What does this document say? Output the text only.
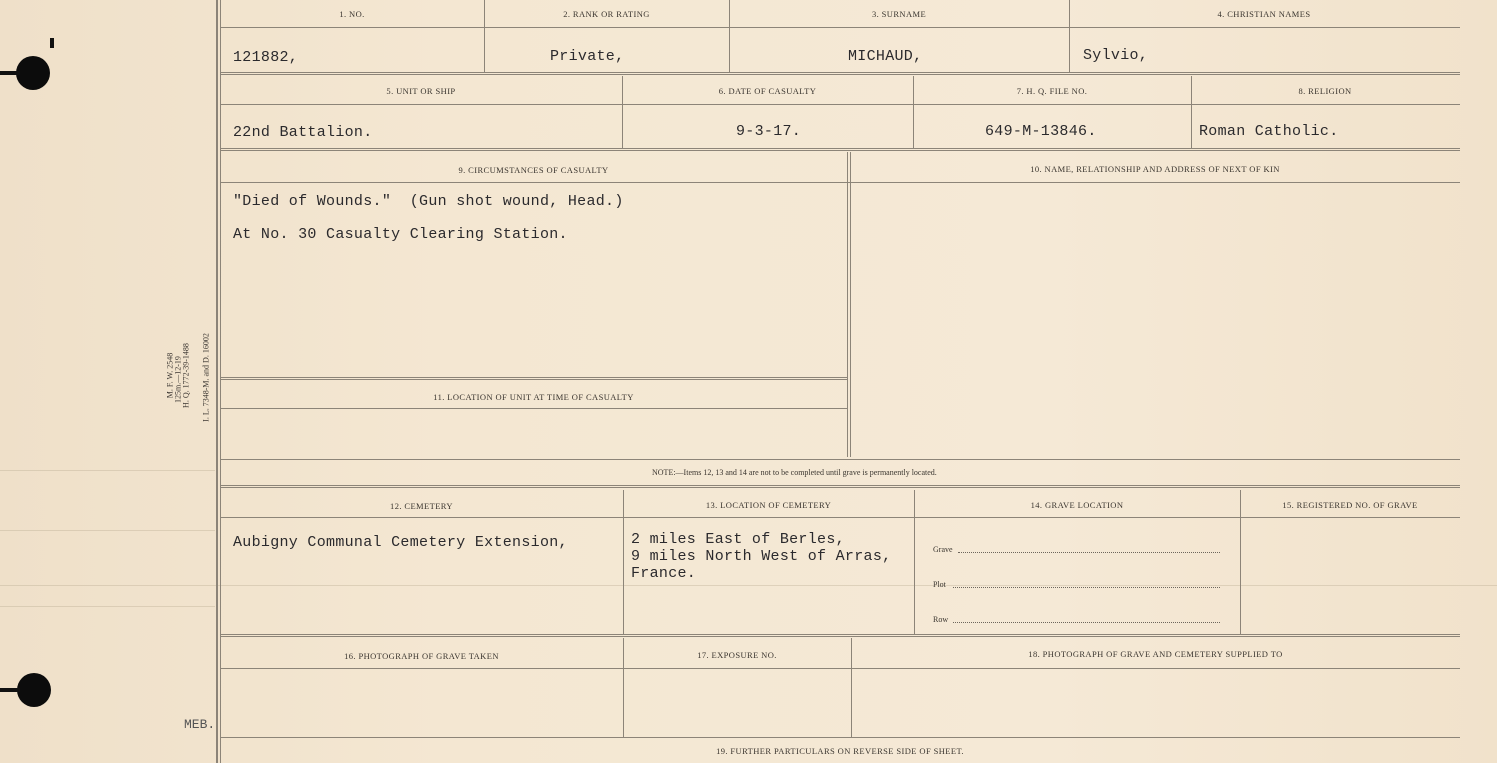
M. F. W. 2548 125m.—12-19 H. Q. 1772-39-1488 I. L. 7348-M. and D. 16002
MEB.
1. NO.	2. RANK OR RATING	3. SURNAME	4. CHRISTIAN NAMES
121882,	Private,	MICHAUD,	Sylvio,
5. UNIT OR SHIP	6. DATE OF CASUALTY	7. H. Q. FILE NO.	8. RELIGION
22nd Battalion.	9-3-17.	649-M-13846.	Roman Catholic.
9. CIRCUMSTANCES OF CASUALTY	10. NAME, RELATIONSHIP AND ADDRESS OF NEXT OF KIN
"Died of Wounds."  (Gun shot wound, Head.)
At No. 30 Casualty Clearing Station.
11. LOCATION OF UNIT AT TIME OF CASUALTY
NOTE:—Items 12, 13 and 14 are not to be completed until grave is permanently located.
12. CEMETERY	13. LOCATION OF CEMETERY	14. GRAVE LOCATION	15. REGISTERED NO. OF GRAVE
Aubigny Communal Cemetery Extension,	2 miles East of Berles,
9 miles North West of Arras,
France.
Grave
Plot
Row
16. PHOTOGRAPH OF GRAVE TAKEN	17. EXPOSURE NO.	18. PHOTOGRAPH OF GRAVE AND CEMETERY SUPPLIED TO
19. FURTHER PARTICULARS ON REVERSE SIDE OF SHEET.
